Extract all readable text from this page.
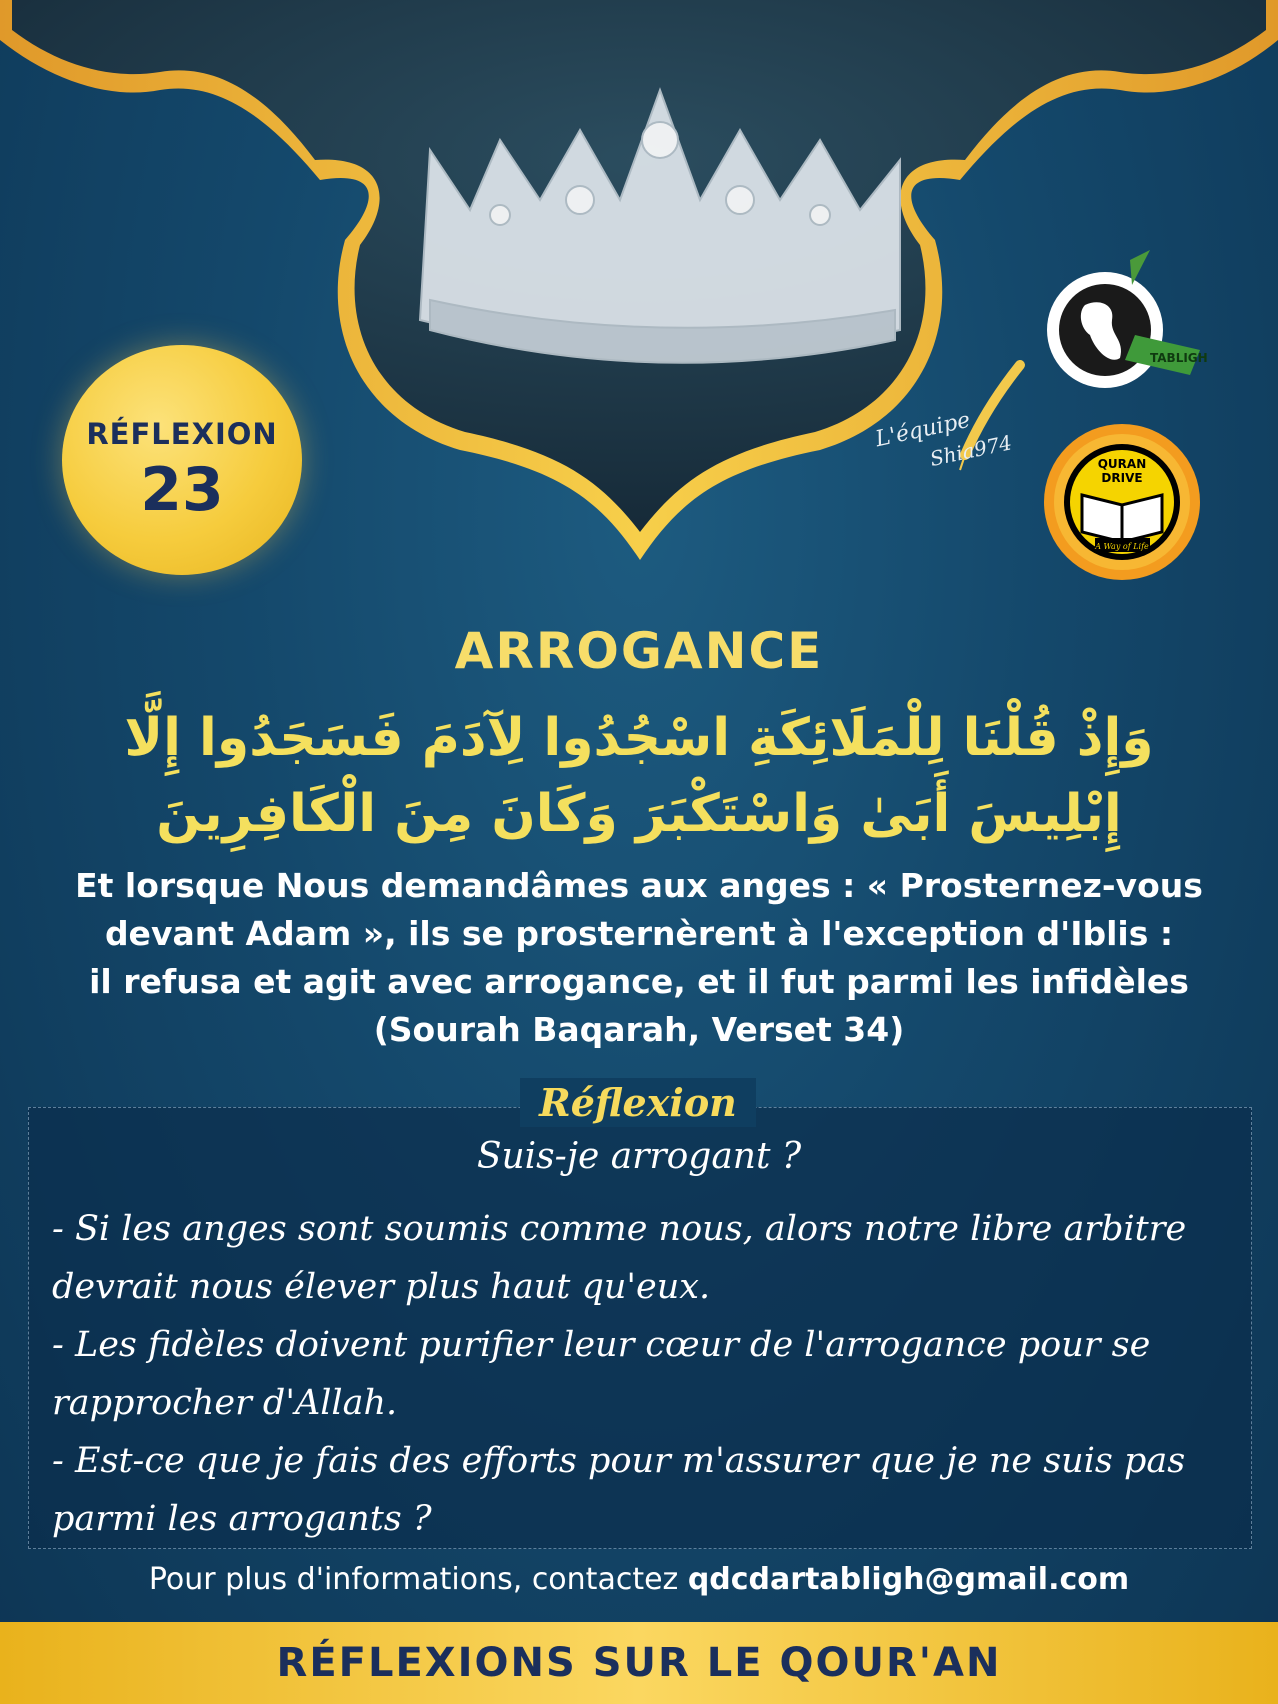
RÉFLEXION
23
L'équipe
Shia974
TABLIGH
QURAN
DRIVE
A Way of Life
ARROGANCE
وَإِذْ قُلْنَا لِلْمَلَائِكَةِ اسْجُدُوا لِآدَمَ فَسَجَدُوا إِلَّا إِبْلِيسَ أَبَىٰ وَاسْتَكْبَرَ وَكَانَ مِنَ الْكَافِرِينَ
Et lorsque Nous demandâmes aux anges : « Prosternez-vous
devant Adam », ils se prosternèrent à l'exception d'Iblis :
il refusa et agit avec arrogance, et il fut parmi les infidèles
(Sourah Baqarah, Verset 34)
Réflexion
Suis-je arrogant ?

- Si les anges sont soumis comme nous, alors notre libre arbitre devrait nous élever plus haut qu'eux.

- Les fidèles doivent purifier leur cœur de l'arrogance pour se rapprocher d'Allah.

- Est-ce que je fais des efforts pour m'assurer que je ne suis pas parmi les arrogants ?

Pour plus d'informations, contactez qdcdartabligh@gmail.com
RÉFLEXIONS SUR LE QOUR'AN
